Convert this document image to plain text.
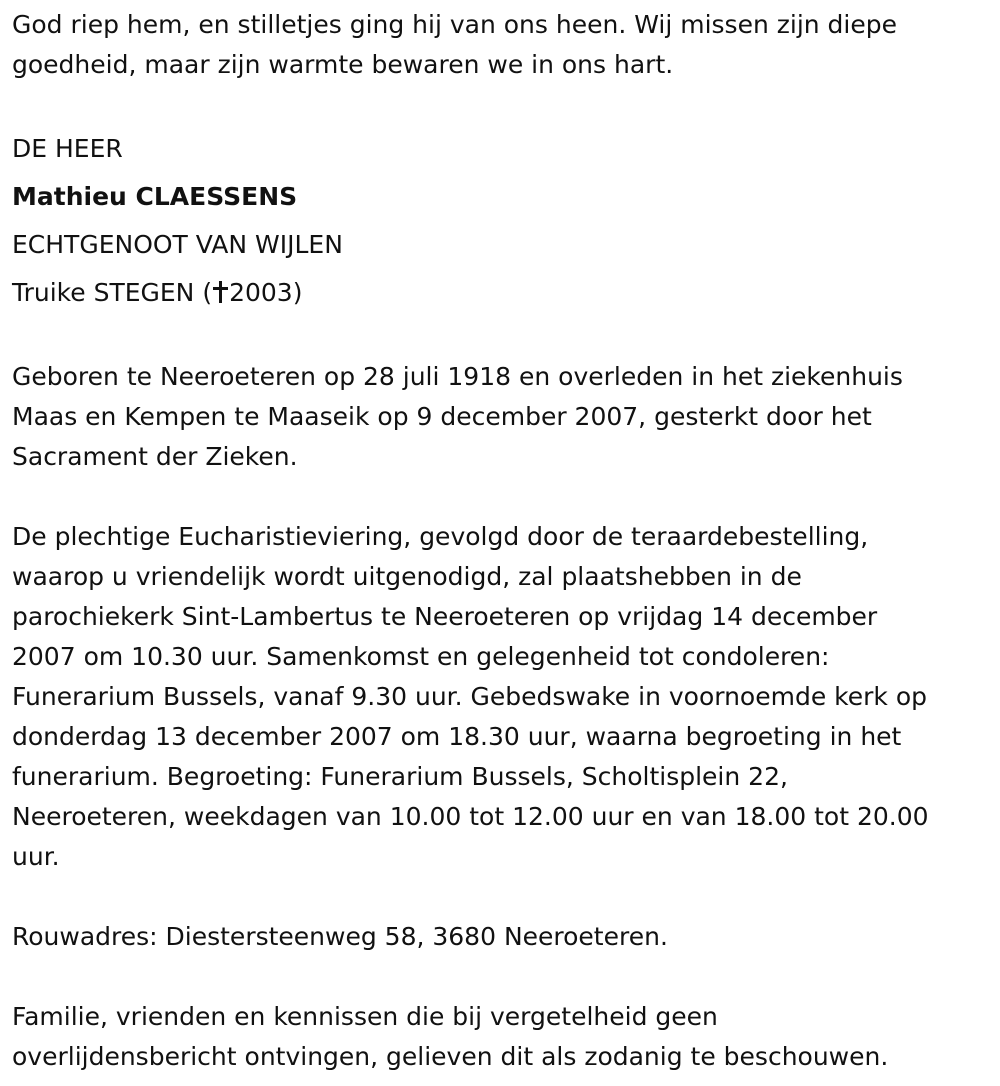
God riep hem, en stilletjes ging hij van ons heen. Wij missen zijn diepe
goedheid, maar zijn warmte bewaren we in ons hart.
DE HEER
Mathieu CLAESSENS
ECHTGENOOT VAN WIJLEN
Truike STEGEN ( 2003)
Geboren te Neeroeteren op 28 juli 1918 en overleden in het ziekenhuis
Maas en Kempen te Maaseik op 9 december 2007, gesterkt door het
Sacrament der Zieken.
De plechtige Eucharistieviering, gevolgd door de teraardebestelling,
waarop u vriendelijk wordt uitgenodigd, zal plaatshebben in de
parochiekerk Sint-Lambertus te Neeroeteren op vrijdag 14 december
2007 om 10.30 uur. Samenkomst en gelegenheid tot condoleren:
Funerarium Bussels, vanaf 9.30 uur. Gebedswake in voornoemde kerk op
donderdag 13 december 2007 om 18.30 uur, waarna begroeting in het
funerarium. Begroeting: Funerarium Bussels, Scholtisplein 22,
Neeroeteren, weekdagen van 10.00 tot 12.00 uur en van 18.00 tot 20.00
uur.
Rouwadres: Diestersteenweg 58, 3680 Neeroeteren.
Familie, vrienden en kennissen die bij vergetelheid geen
overlijdensbericht ontvingen, gelieven dit als zodanig te beschouwen.
